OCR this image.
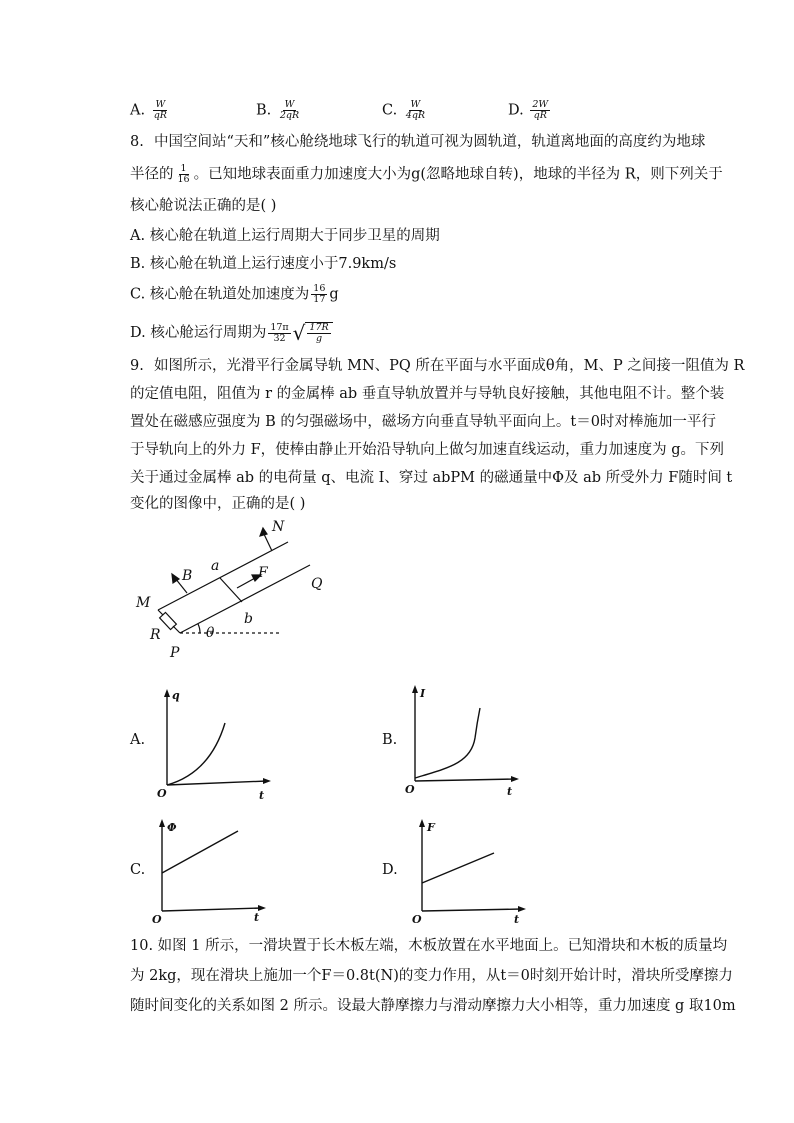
A. $\frac{W}{qR}$	B. $\frac{W}{2qR}$	C. $\frac{W}{4qR}$	D. $\frac{2W}{qR}$
8. 中国空间站“天和”核心舱绕地球飞行的轨道可视为圆轨道，轨道离地面的高度约为地球
半径的 $\frac{1}{16}$ 。已知地球表面重力加速度大小为g(忽略地球自转)，地球的半径为 R，则下列关于
核心舱说法正确的是( )
A. 核心舱在轨道上运行周期大于同步卫星的周期
B. 核心舱在轨道上运行速度小于7.9km/s
C. 核心舱在轨道处加速度为 $\frac{16}{17}$ g
D. 核心舱运行周期为 $\frac{17\pi}{32}$ √ $\frac{17R}{g}$
9. 如图所示，光滑平行金属导轨 MN、PQ 所在平面与水平面成θ角，M、P 之间接一阻值为 R
的定值电阻，阻值为 r 的金属棒 ab 垂直导轨放置并与导轨良好接触，其他电阻不计。整个装
置处在磁感应强度为 B 的匀强磁场中，磁场方向垂直导轨平面向上。t＝0时对棒施加一平行
于导轨向上的外力 F，使棒由静止开始沿导轨向上做匀加速直线运动，重力加速度为 g。下列
关于通过金属棒 ab 的电荷量 q、电流 I、穿过 abPM 的磁通量中Φ及 ab 所受外力 F随时间 t
变化的图像中，正确的是( )
N
B
a	F
Q
M
R
b
θ
P
A.
q
O	t
B.
I
O	t
C.
Φ
O	t
D.
F
O	t
10. 如图 1 所示，一滑块置于长木板左端，木板放置在水平地面上。已知滑块和木板的质量均
为 2kg，现在滑块上施加一个F＝0.8t(N)的变力作用，从t＝0时刻开始计时，滑块所受摩擦力
随时间变化的关系如图 2 所示。设最大静摩擦力与滑动摩擦力大小相等，重力加速度 g 取10m
